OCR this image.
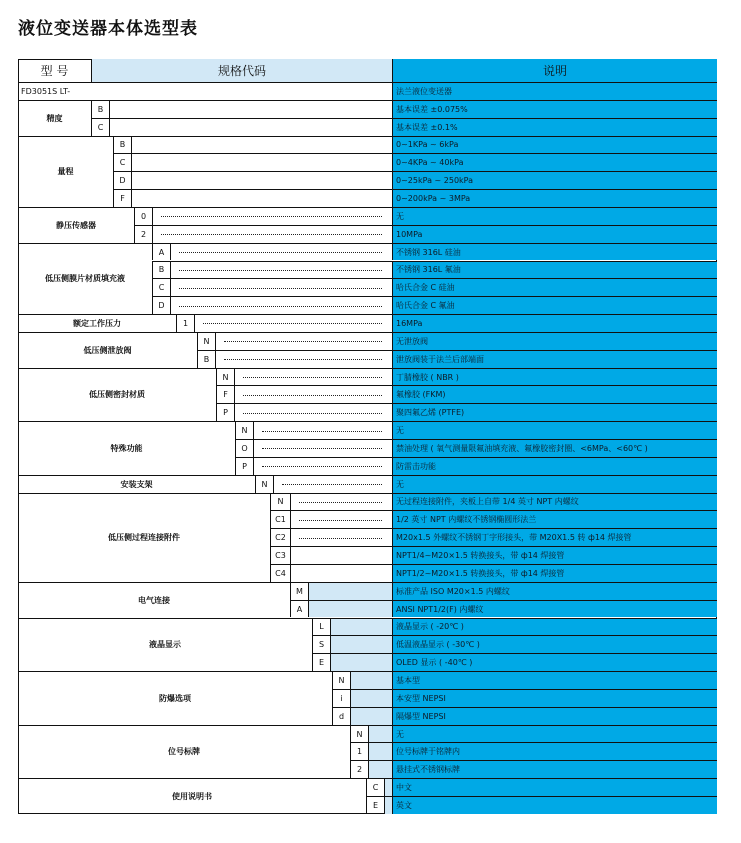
液位变送器本体选型表
型 号	规格代码	说明
FD3051S LT-	法兰液位变送器
精度
B	基本误差 ±0.075%
C	基本误差 ±0.1%
量程
B	0~1KPa ~ 6kPa
C	0~4KPa ~ 40kPa
D	0~25kPa ~ 250kPa
F	0~200kPa ~ 3MPa
静压传感器
0	无
2	10MPa
低压侧膜片材质填充液
A	不锈钢 316L 硅油
B	不锈钢 316L 氟油
C	哈氏合金 C 硅油
D	哈氏合金 C 氟油
额定工作压力	1	16MPa
低压侧泄放阀
N	无泄放阀
B	泄放阀装于法兰后部端面
低压侧密封材质
N	丁腈橡胶 ( NBR )
F	氟橡胶 (FKM)
P	聚四氟乙烯 (PTFE)
特殊功能
N	无
O	禁油处理 ( 氧气测量限氟油填充液、氟橡胶密封圈、<6MPa、<60℃ )
P	防雷击功能
安装支架	N	无
低压侧过程连接附件
N	无过程连接附件，夹板上自带 1/4 英寸 NPT 内螺纹
C1	1/2 英寸 NPT 内螺纹不锈钢椭圆形法兰
C2	M20x1.5 外螺纹不锈钢丁字形接头，带 M20X1.5 转 ф14 焊接管
C3	NPT1/4~M20×1.5 转换接头，带 ф14 焊接管
C4	NPT1/2~M20×1.5 转换接头，带 ф14 焊接管
电气连接
M	标准产品 ISO M20×1.5 内螺纹
A	ANSI NPT1/2(F) 内螺纹
液晶显示
L	液晶显示 ( -20℃ )
S	低温液晶显示 ( -30℃ )
E	OLED 显示 ( -40℃ )
防爆选项
N	基本型
i	本安型 NEPSI
d	隔爆型 NEPSI
位号标牌
N	无
1	位号标牌于铭牌内
2	悬挂式不锈钢标牌
使用说明书
C	中文
E	英文
